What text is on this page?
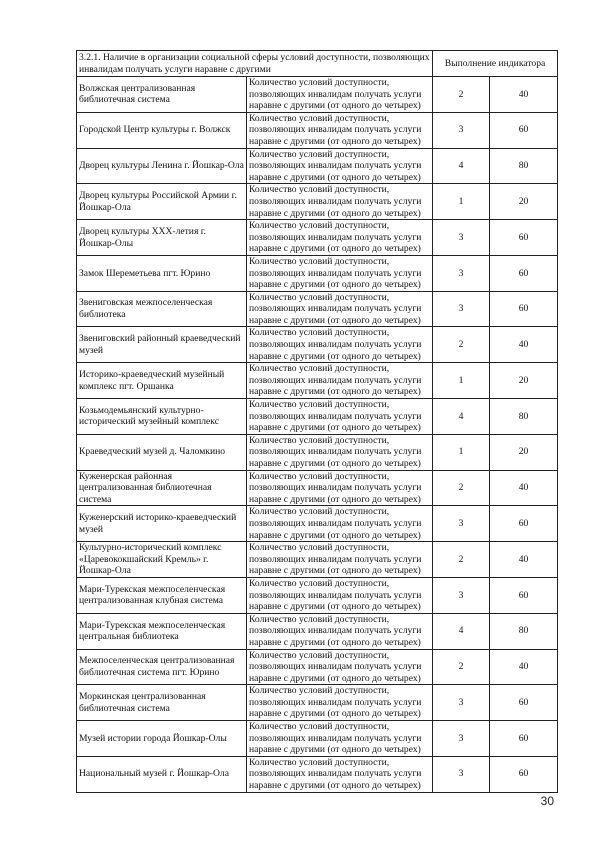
3.2.1. Наличие в организации социальной сферы условий доступности, позволяющих инвалидам получать услуги наравне с другими		Выполнение индикатора	
Волжская централизованная библиотечная система	Количество условий доступности, позволяющих инвалидам получать услуги наравне с другими (от одного до четырех)	2	40
Городской Центр культуры г. Волжск	Количество условий доступности, позволяющих инвалидам получать услуги наравне с другими (от одного до четырех)	3	60
Дворец культуры Ленина г. Йошкар-Ола	Количество условий доступности, позволяющих инвалидам получать услуги наравне с другими (от одного до четырех)	4	80
Дворец культуры Российской Армии г. Йошкар-Ола	Количество условий доступности, позволяющих инвалидам получать услуги наравне с другими (от одного до четырех)	1	20
Дворец культуры XXX-летия г. Йошкар-Олы	Количество условий доступности, позволяющих инвалидам получать услуги наравне с другими (от одного до четырех)	3	60
Замок Шереметьева пгт. Юрино	Количество условий доступности, позволяющих инвалидам получать услуги наравне с другими (от одного до четырех)	3	60
Звениговская межпоселенческая библиотека	Количество условий доступности, позволяющих инвалидам получать услуги наравне с другими (от одного до четырех)	3	60
Звениговский районный краеведческий музей	Количество условий доступности, позволяющих инвалидам получать услуги наравне с другими (от одного до четырех)	2	40
Историко-краеведческий музейный комплекс пгт. Оршанка	Количество условий доступности, позволяющих инвалидам получать услуги наравне с другими (от одного до четырех)	1	20
Козьмодемьянский культурно-исторический музейный комплекс	Количество условий доступности, позволяющих инвалидам получать услуги наравне с другими (от одного до четырех)	4	80
Краеведческий музей д. Чаломкино	Количество условий доступности, позволяющих инвалидам получать услуги наравне с другими (от одного до четырех)	1	20
Куженерская районная централизованная библиотечная система	Количество условий доступности, позволяющих инвалидам получать услуги наравне с другими (от одного до четырех)	2	40
Куженерский историко-краеведческий музей	Количество условий доступности, позволяющих инвалидам получать услуги наравне с другими (от одного до четырех)	3	60
Культурно-исторический комплекс «Царевококшайский Кремль» г. Йошкар-Ола	Количество условий доступности, позволяющих инвалидам получать услуги наравне с другими (от одного до четырех)	2	40
Мари-Турекская межпоселенческая централизованная клубная система	Количество условий доступности, позволяющих инвалидам получать услуги наравне с другими (от одного до четырех)	3	60
Мари-Турекская межпоселенческая центральная библиотека	Количество условий доступности, позволяющих инвалидам получать услуги наравне с другими (от одного до четырех)	4	80
Межпоселенческая централизованная библиотечная система пгт. Юрино	Количество условий доступности, позволяющих инвалидам получать услуги наравне с другими (от одного до четырех)	2	40
Моркинская централизованная библиотечная система	Количество условий доступности, позволяющих инвалидам получать услуги наравне с другими (от одного до четырех)	3	60
Музей истории города Йошкар-Олы	Количество условий доступности, позволяющих инвалидам получать услуги наравне с другими (от одного до четырех)	3	60
Национальный музей г. Йошкар-Ола	Количество условий доступности, позволяющих инвалидам получать услуги наравне с другими (от одного до четырех)	3	60
30
